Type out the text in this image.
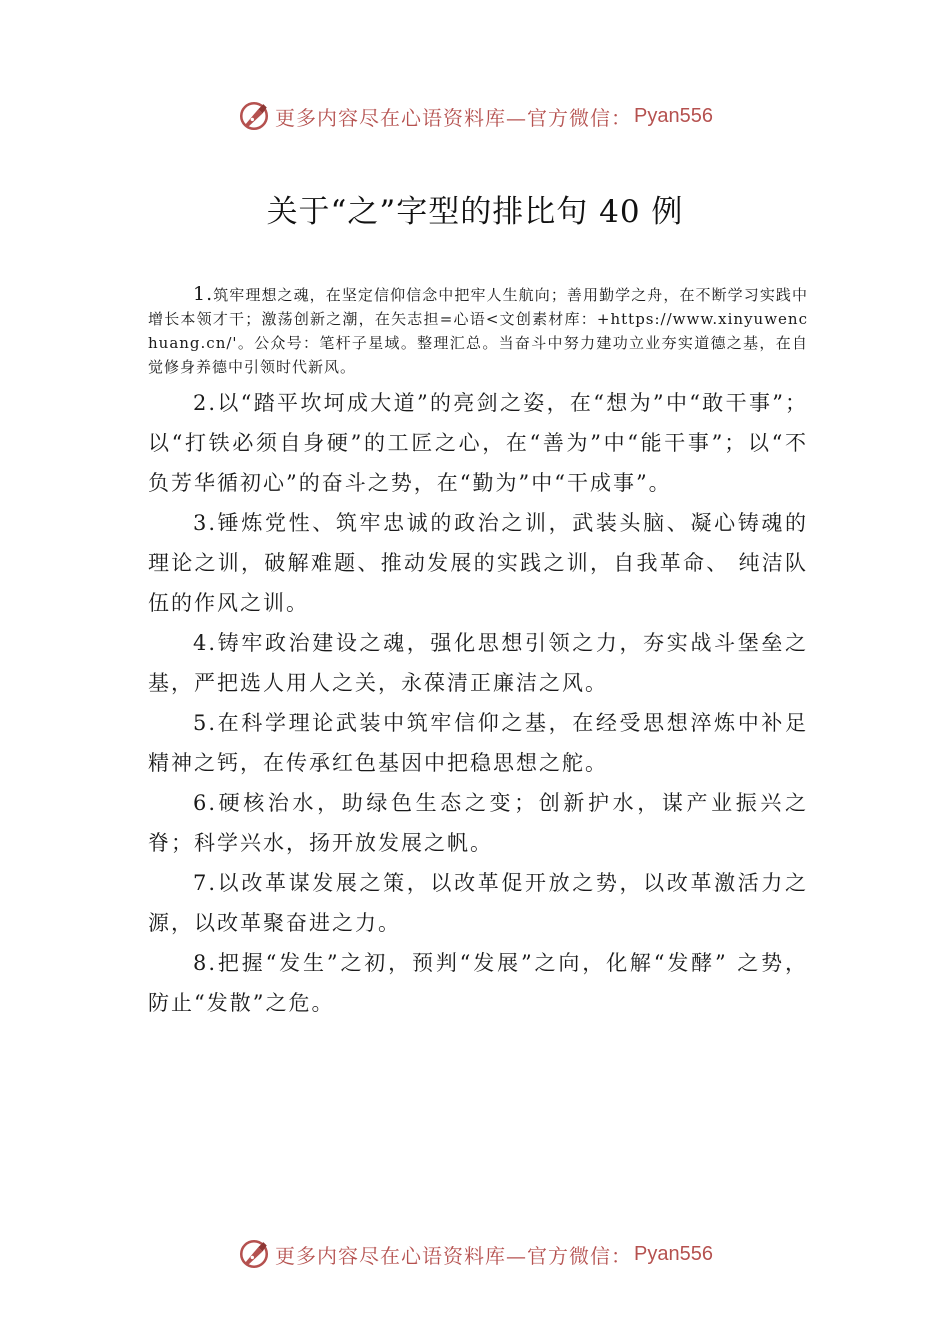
更多内容尽在心语资料库—官方微信： Pyan556
关于“之”字型的排比句 40 例

1.筑牢理想之魂，在坚定信仰信念中把牢人生航向；善用勤学之舟，在不断学习实践中增长本领才干；激荡创新之潮，在矢志担=心语<文创素材库：+https://www.xinyuwenchuang.cn/'。公众号：笔杆子星域。整理汇总。当奋斗中努力建功立业夯实道德之基，在自觉修身养德中引领时代新风。

2.以“踏平坎坷成大道”的亮剑之姿，在“想为”中“敢干事”；以“打铁必须自身硬”的工匠之心，在“善为”中“能干事”；以“不负芳华循初心”的奋斗之势，在“勤为”中“干成事”。

3.锤炼党性、筑牢忠诚的政治之训，武装头脑、凝心铸魂的理论之训，破解难题、推动发展的实践之训，自我革命、 纯洁队伍的作风之训。

4.铸牢政治建设之魂，强化思想引领之力，夯实战斗堡垒之基，严把选人用人之关，永葆清正廉洁之风。

5.在科学理论武装中筑牢信仰之基，在经受思想淬炼中补足精神之钙，在传承红色基因中把稳思想之舵。

6.硬核治水，助绿色生态之变；创新护水，谋产业振兴之脊；科学兴水，扬开放发展之帆。

7.以改革谋发展之策，以改革促开放之势，以改革激活力之源，以改革聚奋进之力。

8.把握“发生”之初，预判“发展”之向，化解“发酵” 之势，防止“发散”之危。

更多内容尽在心语资料库—官方微信： Pyan556
